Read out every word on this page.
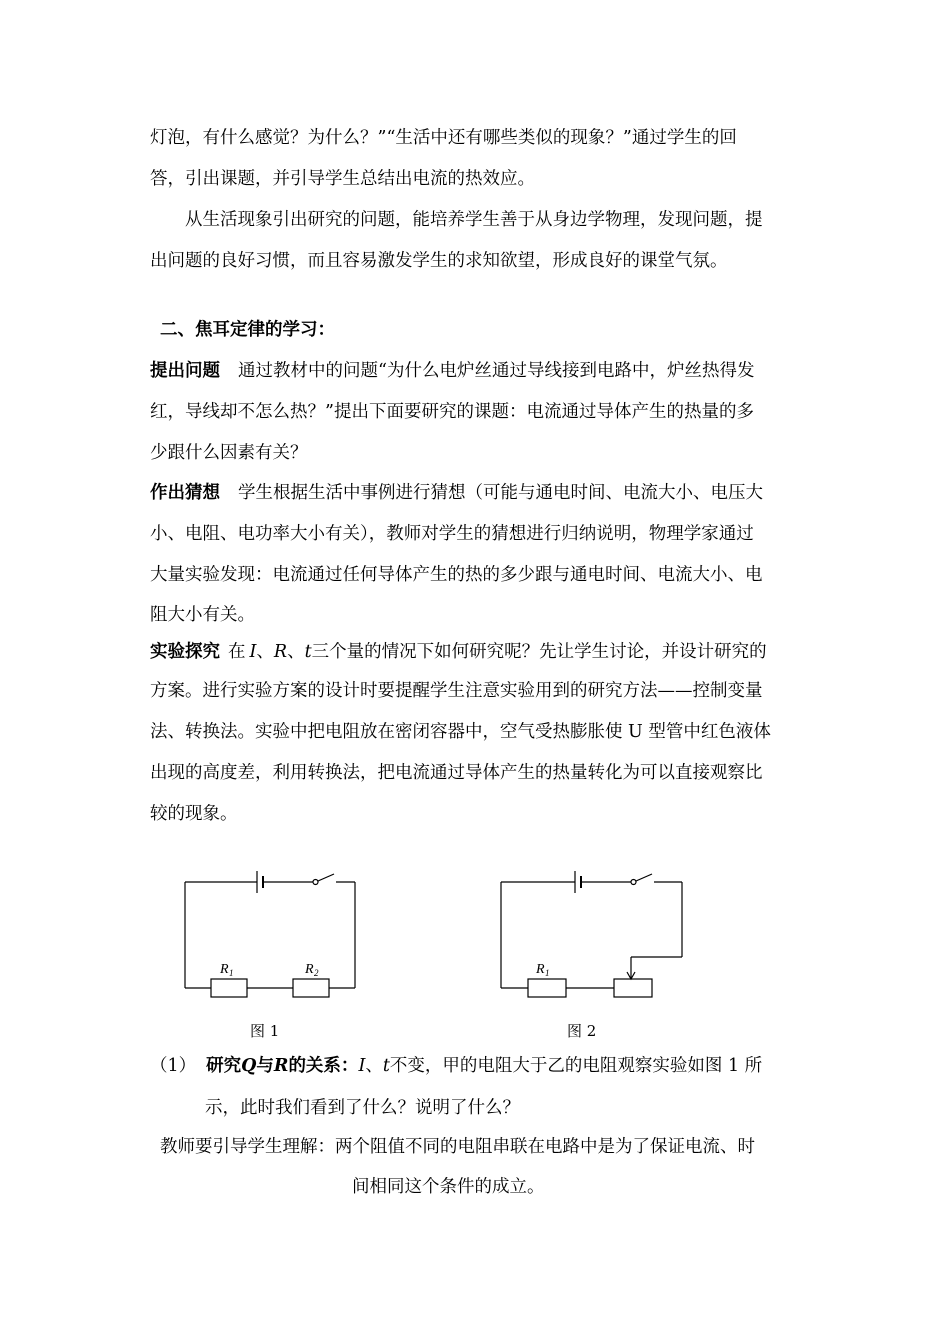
灯泡，有什么感觉？为什么？”“生活中还有哪些类似的现象？”通过学生的回
答，引出课题，并引导学生总结出电流的热效应。
从生活现象引出研究的问题，能培养学生善于从身边学物理，发现问题，提
出问题的良好习惯，而且容易激发学生的求知欲望，形成良好的课堂气氛。
二、焦耳定律的学习：
提出问题 通过教材中的问题“为什么电炉丝通过导线接到电路中，炉丝热得发
红，导线却不怎么热？”提出下面要研究的课题：电流通过导体产生的热量的多
少跟什么因素有关？
作出猜想 学生根据生活中事例进行猜想（可能与通电时间、电流大小、电压大
小、电阻、电功率大小有关），教师对学生的猜想进行归纳说明，物理学家通过
大量实验发现：电流通过任何导体产生的热的多少跟与通电时间、电流大小、电
阻大小有关。
实验探究 在 I、R、t三个量的情况下如何研究呢？先让学生讨论，并设计研究的
方案。进行实验方案的设计时要提醒学生注意实验用到的研究方法——控制变量
法、转换法。实验中把电阻放在密闭容器中，空气受热膨胀使 U 型管中红色液体
出现的高度差，利用转换法，把电流通过导体产生的热量转化为可以直接观察比
较的现象。
R 1	R 2
图 1
R 1
图 2
（1） 研究Q与R的关系：I、t不变，甲的电阻大于乙的电阻观察实验如图 1 所
示，此时我们看到了什么？说明了什么？
教师要引导学生理解：两个阻值不同的电阻串联在电路中是为了保证电流、时
间相同这个条件的成立。
